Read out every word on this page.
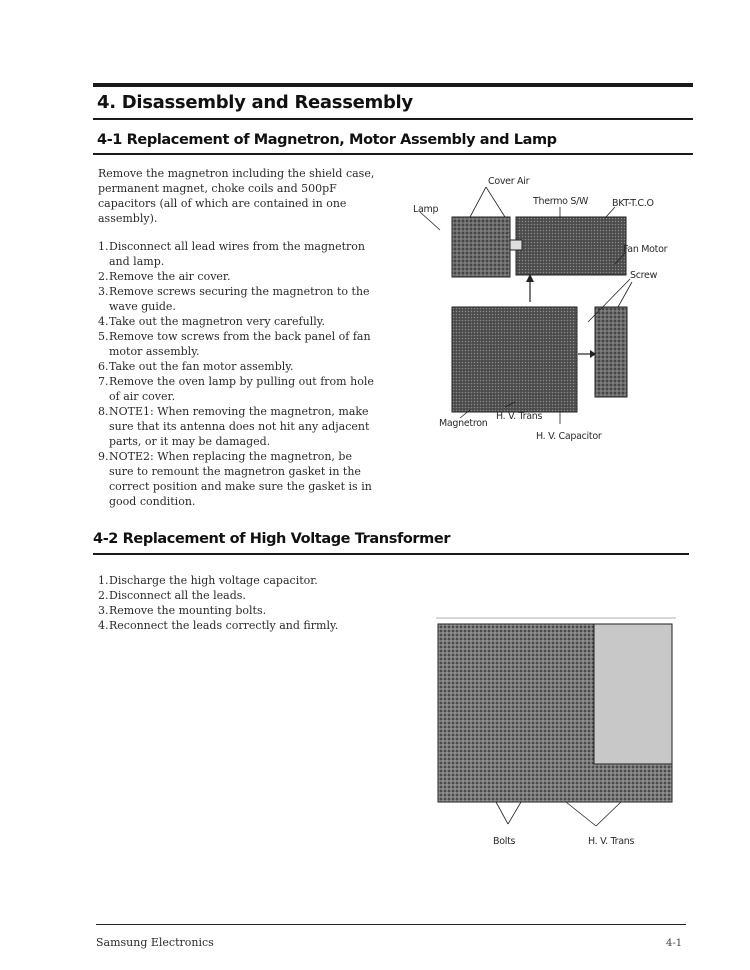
4. Disassembly and Reassembly
4-1 Replacement of Magnetron, Motor Assembly and Lamp
Remove the magnetron including the shield case, permanent magnet, choke coils and 500pF capacitors (all of which are contained in one assembly).
1. Disconnect all lead wires from the magnetron and lamp.
2. Remove the air cover.
3. Remove screws securing the magnetron to the wave guide.
4. Take out the magnetron very carefully.
5. Remove tow screws from the back panel of fan motor assembly.
6. Take out the fan motor assembly.
7. Remove the oven lamp by pulling out from hole of air cover.
8. NOTE1: When removing the magnetron, make sure that its antenna does not hit any adjacent parts, or it may be damaged.
9. NOTE2: When replacing the magnetron, be sure to remount the magnetron gasket in the correct position and make sure the gasket is in good condition.
Cover Air
Lamp
Thermo S/W	BKT-T.C.O
Fan Motor
Screw
Magnetron
H. V. Trans
H. V. Capacitor
4-2 Replacement of High Voltage Transformer
1. Discharge the high voltage capacitor.
2. Disconnect all the leads.
3. Remove the mounting bolts.
4. Reconnect the leads correctly and firmly.
Bolts	H. V. Trans
Samsung Electronics	4-1
